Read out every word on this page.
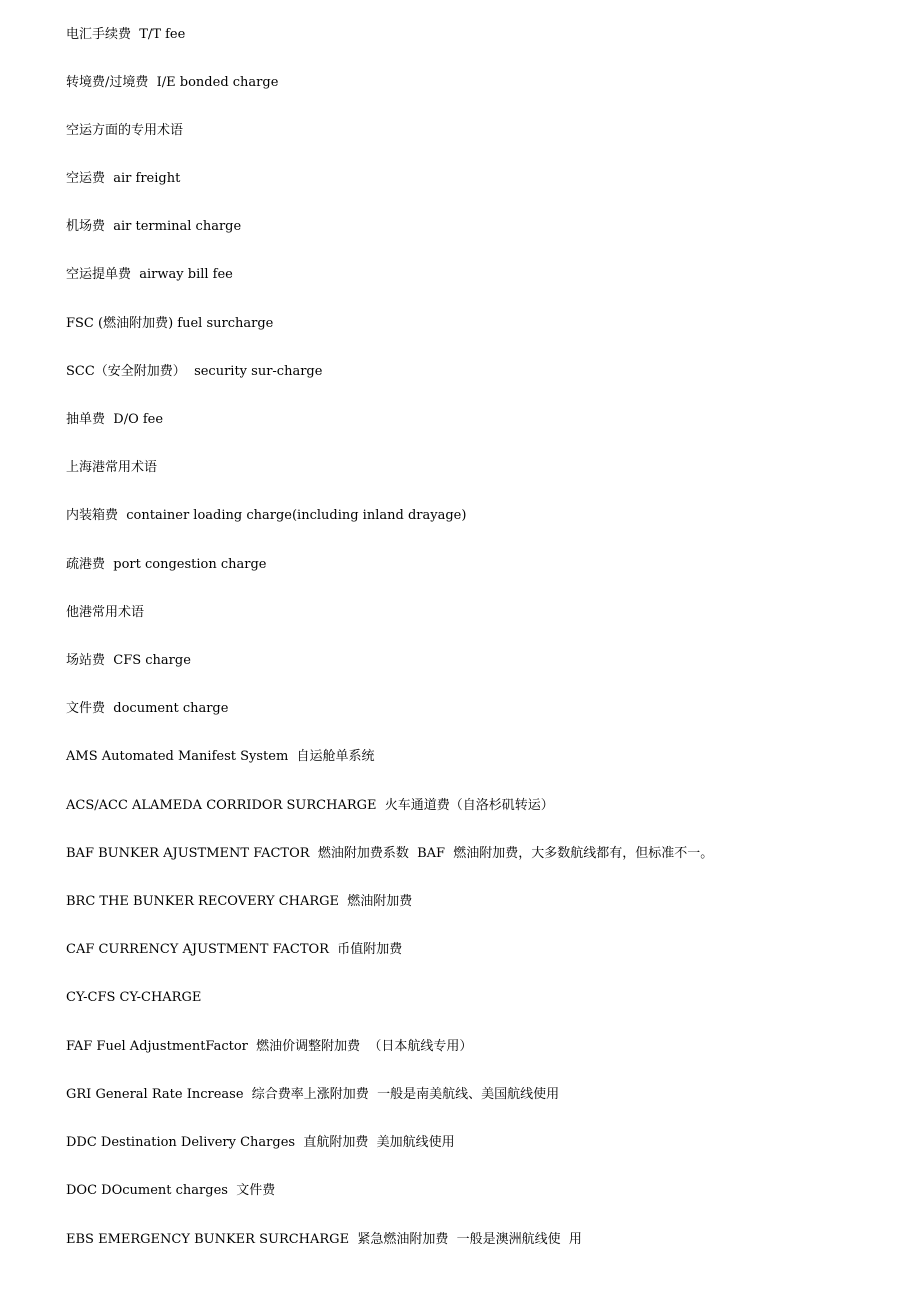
电汇手续费  T/T fee

转境费/过境费  I/E bonded charge

空运方面的专用术语

空运费  air freight

机场费  air terminal charge

空运提单费  airway bill fee

FSC (燃油附加费) fuel surcharge

SCC（安全附加费）  security sur-charge

抽单费  D/O fee

上海港常用术语

内装箱费  container loading charge(including inland drayage)

疏港费  port congestion charge

他港常用术语

场站费  CFS charge

文件费  document charge

AMS Automated Manifest System  自运舱单系统

ACS/ACC ALAMEDA CORRIDOR SURCHARGE  火车通道费（自洛杉矶转运）

BAF BUNKER AJUSTMENT FACTOR  燃油附加费系数  BAF  燃油附加费，大多数航线都有，但标准不一。

BRC THE BUNKER RECOVERY CHARGE  燃油附加费

CAF CURRENCY AJUSTMENT FACTOR  币值附加费

CY-CFS CY-CHARGE

FAF Fuel AdjustmentFactor  燃油价调整附加费  （日本航线专用）

GRI General Rate Increase  综合费率上涨附加费  一般是南美航线、美国航线使用

DDC Destination Delivery Charges  直航附加费  美加航线使用

DOC DOcument charges  文件费

EBS EMERGENCY BUNKER SURCHARGE  紧急燃油附加费  一般是澳洲航线使  用
